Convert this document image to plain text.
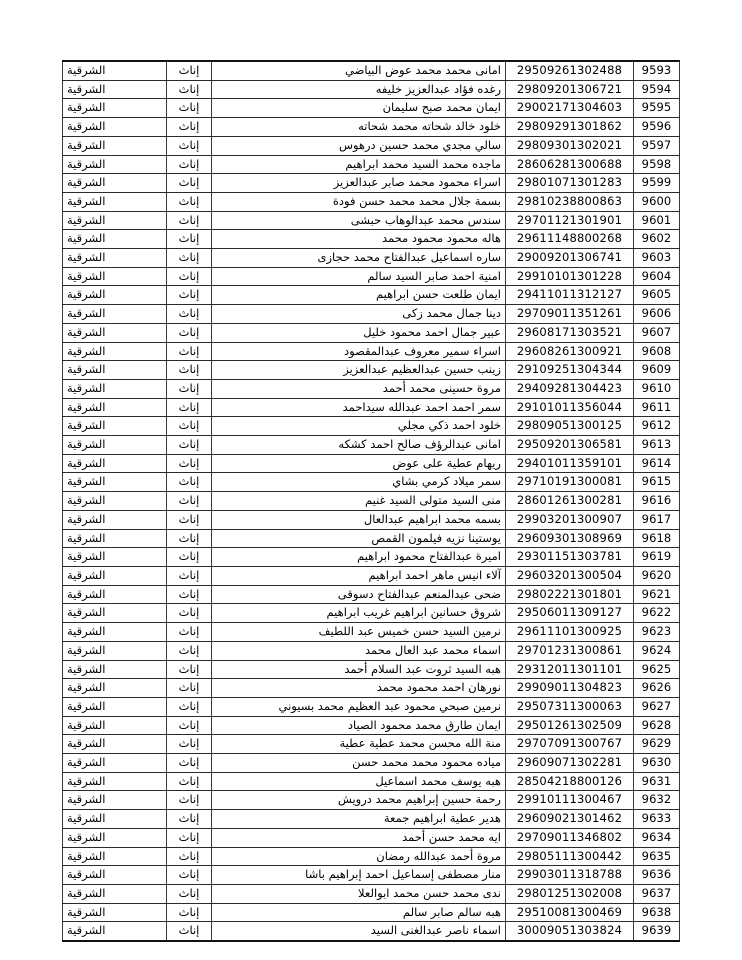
9593	29509261302488	امانى محمد محمد عوض البياضي	إناث	الشرقية
9594	29809201306721	رغده فؤاد عبدالعزيز خليفه	إناث	الشرقية
9595	29002171304603	ايمان محمد صبح سليمان	إناث	الشرقية
9596	29809291301862	خلود خالد شحاته محمد شحاته	إناث	الشرقية
9597	29809301302021	سالي مجدي محمد حسين درهوس	إناث	الشرقية
9598	28606281300688	ماجده محمد السيد محمد ابراهيم	إناث	الشرقية
9599	29801071301283	اسراء محمود محمد صابر عبدالعزيز	إناث	الشرقية
9600	29810238800863	بسمة جلال محمد محمد حسن فودة	إناث	الشرقية
9601	29701121301901	سندس محمد عبدالوهاب حبشى	إناث	الشرقية
9602	29611148800268	هاله محمود محمود محمد	إناث	الشرقية
9603	29009201306741	ساره اسماعيل عبدالفتاح محمد حجازى	إناث	الشرقية
9604	29910101301228	امنية احمد صابر السيد سالم	إناث	الشرقية
9605	29411011312127	ايمان طلعت حسن ابراهيم	إناث	الشرقية
9606	29709011351261	دينا جمال محمد زكى	إناث	الشرقية
9607	29608171303521	عبير جمال احمد محمود خليل	إناث	الشرقية
9608	29608261300921	اسراء سمير معروف عبدالمقصود	إناث	الشرقية
9609	29109251304344	زينب حسين عبدالعظيم عبدالعزيز	إناث	الشرقية
9610	29409281304423	مروة حسينى محمد أحمد	إناث	الشرقية
9611	29101011356044	سمر احمد احمد عبدالله سيداحمد	إناث	الشرقية
9612	29809051300125	خلود احمد ذكي مجلي	إناث	الشرقية
9613	29509201306581	امانى عبدالرؤف صالح احمد كشكه	إناث	الشرقية
9614	29401011359101	ريهام عطية على عوض	إناث	الشرقية
9615	29710191300081	سمر ميلاد كرمي بشاي	إناث	الشرقية
9616	28601261300281	منى السيد متولى السيد غنيم	إناث	الشرقية
9617	29903201300907	بسمه محمد ابراهيم عبدالعال	إناث	الشرقية
9618	29609301308969	يوستينا نزيه فيلمون القمص	إناث	الشرقية
9619	29301151303781	اميرة عبدالفتاح محمود ابراهيم	إناث	الشرقية
9620	29603201300504	آلاء انيس ماهر احمد ابراهيم	إناث	الشرقية
9621	29802221301801	ضحى عبدالمنعم عبدالفتاح دسوقى	إناث	الشرقية
9622	29506011309127	شروق حسانين ابراهيم غريب ابراهيم	إناث	الشرقية
9623	29611101300925	نرمين السيد حسن خميس عبد اللطيف	إناث	الشرقية
9624	29701231300861	اسماء محمد عبد العال محمد	إناث	الشرقية
9625	29312011301101	هبه السيد ثروت عبد السلام أحمد	إناث	الشرقية
9626	29909011304823	نورهان احمد محمود محمد	إناث	الشرقية
9627	29507311300063	نرمين صبحي محمود عبد العظيم محمد بسيوني	إناث	الشرقية
9628	29501261302509	ايمان طارق محمد محمود الصياد	إناث	الشرقية
9629	29707091300767	منة الله محسن محمد عطية عطية	إناث	الشرقية
9630	29609071302281	مياده محمود محمد محمد حسن	إناث	الشرقية
9631	28504218800126	هبه يوسف محمد اسماعيل	إناث	الشرقية
9632	29910111300467	رحمة حسين إبراهيم محمد درويش	إناث	الشرقية
9633	29609021301462	هدير عطية ابراهيم جمعة	إناث	الشرقية
9634	29709011346802	ايه محمد حسن أحمد	إناث	الشرقية
9635	29805111300442	مروة أحمد عبدالله رمضان	إناث	الشرقية
9636	29903011318788	منار مصطفى إسماعيل احمد إبراهيم باشا	إناث	الشرقية
9637	29801251302008	ندى محمد حسن محمد ابوالعلا	إناث	الشرقية
9638	29510081300469	هبه سالم صابر سالم	إناث	الشرقية
9639	30009051303824	اسماء ناصر عبدالغنى السيد	إناث	الشرقية
